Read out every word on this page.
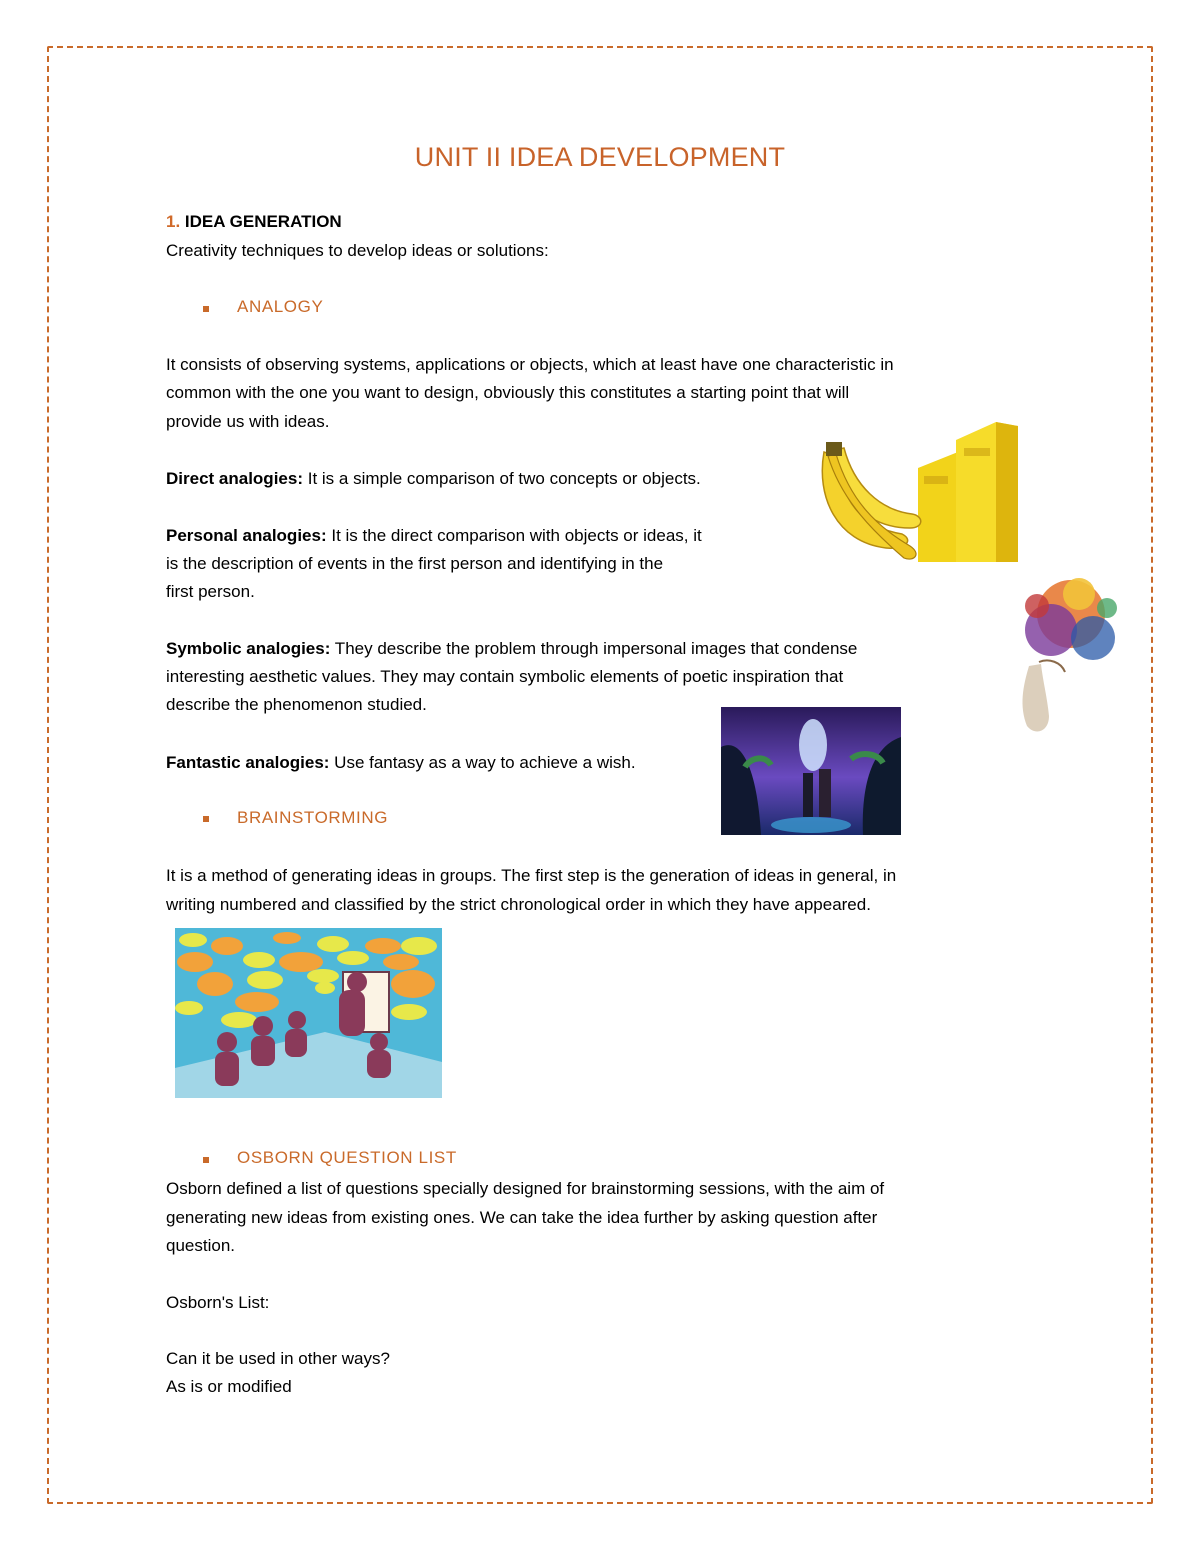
UNIT II IDEA DEVELOPMENT
1. IDEA GENERATION
Creativity techniques to develop ideas or solutions:
ANALOGY
It consists of observing systems, applications or objects, which at least have one characteristic in
common with the one you want to design, obviously this constitutes a starting point that will
provide us with ideas.
Direct analogies: It is a simple comparison of two concepts or objects.
Personal analogies: It is the direct comparison with objects or ideas, it
is the description of events in the first person and identifying in the
first person.
Symbolic analogies: They describe the problem through impersonal images that condense
interesting aesthetic values. They may contain symbolic elements of poetic inspiration that
describe the phenomenon studied.
Fantastic analogies: Use fantasy as a way to achieve a wish.
BRAINSTORMING
It is a method of generating ideas in groups. The first step is the generation of ideas in general, in
writing numbered and classified by the strict chronological order in which they have appeared.
OSBORN QUESTION LIST
Osborn defined a list of questions specially designed for brainstorming sessions, with the aim of
generating new ideas from existing ones. We can take the idea further by asking question after
question.
Osborn's List:
Can it be used in other ways?
As is or modified
